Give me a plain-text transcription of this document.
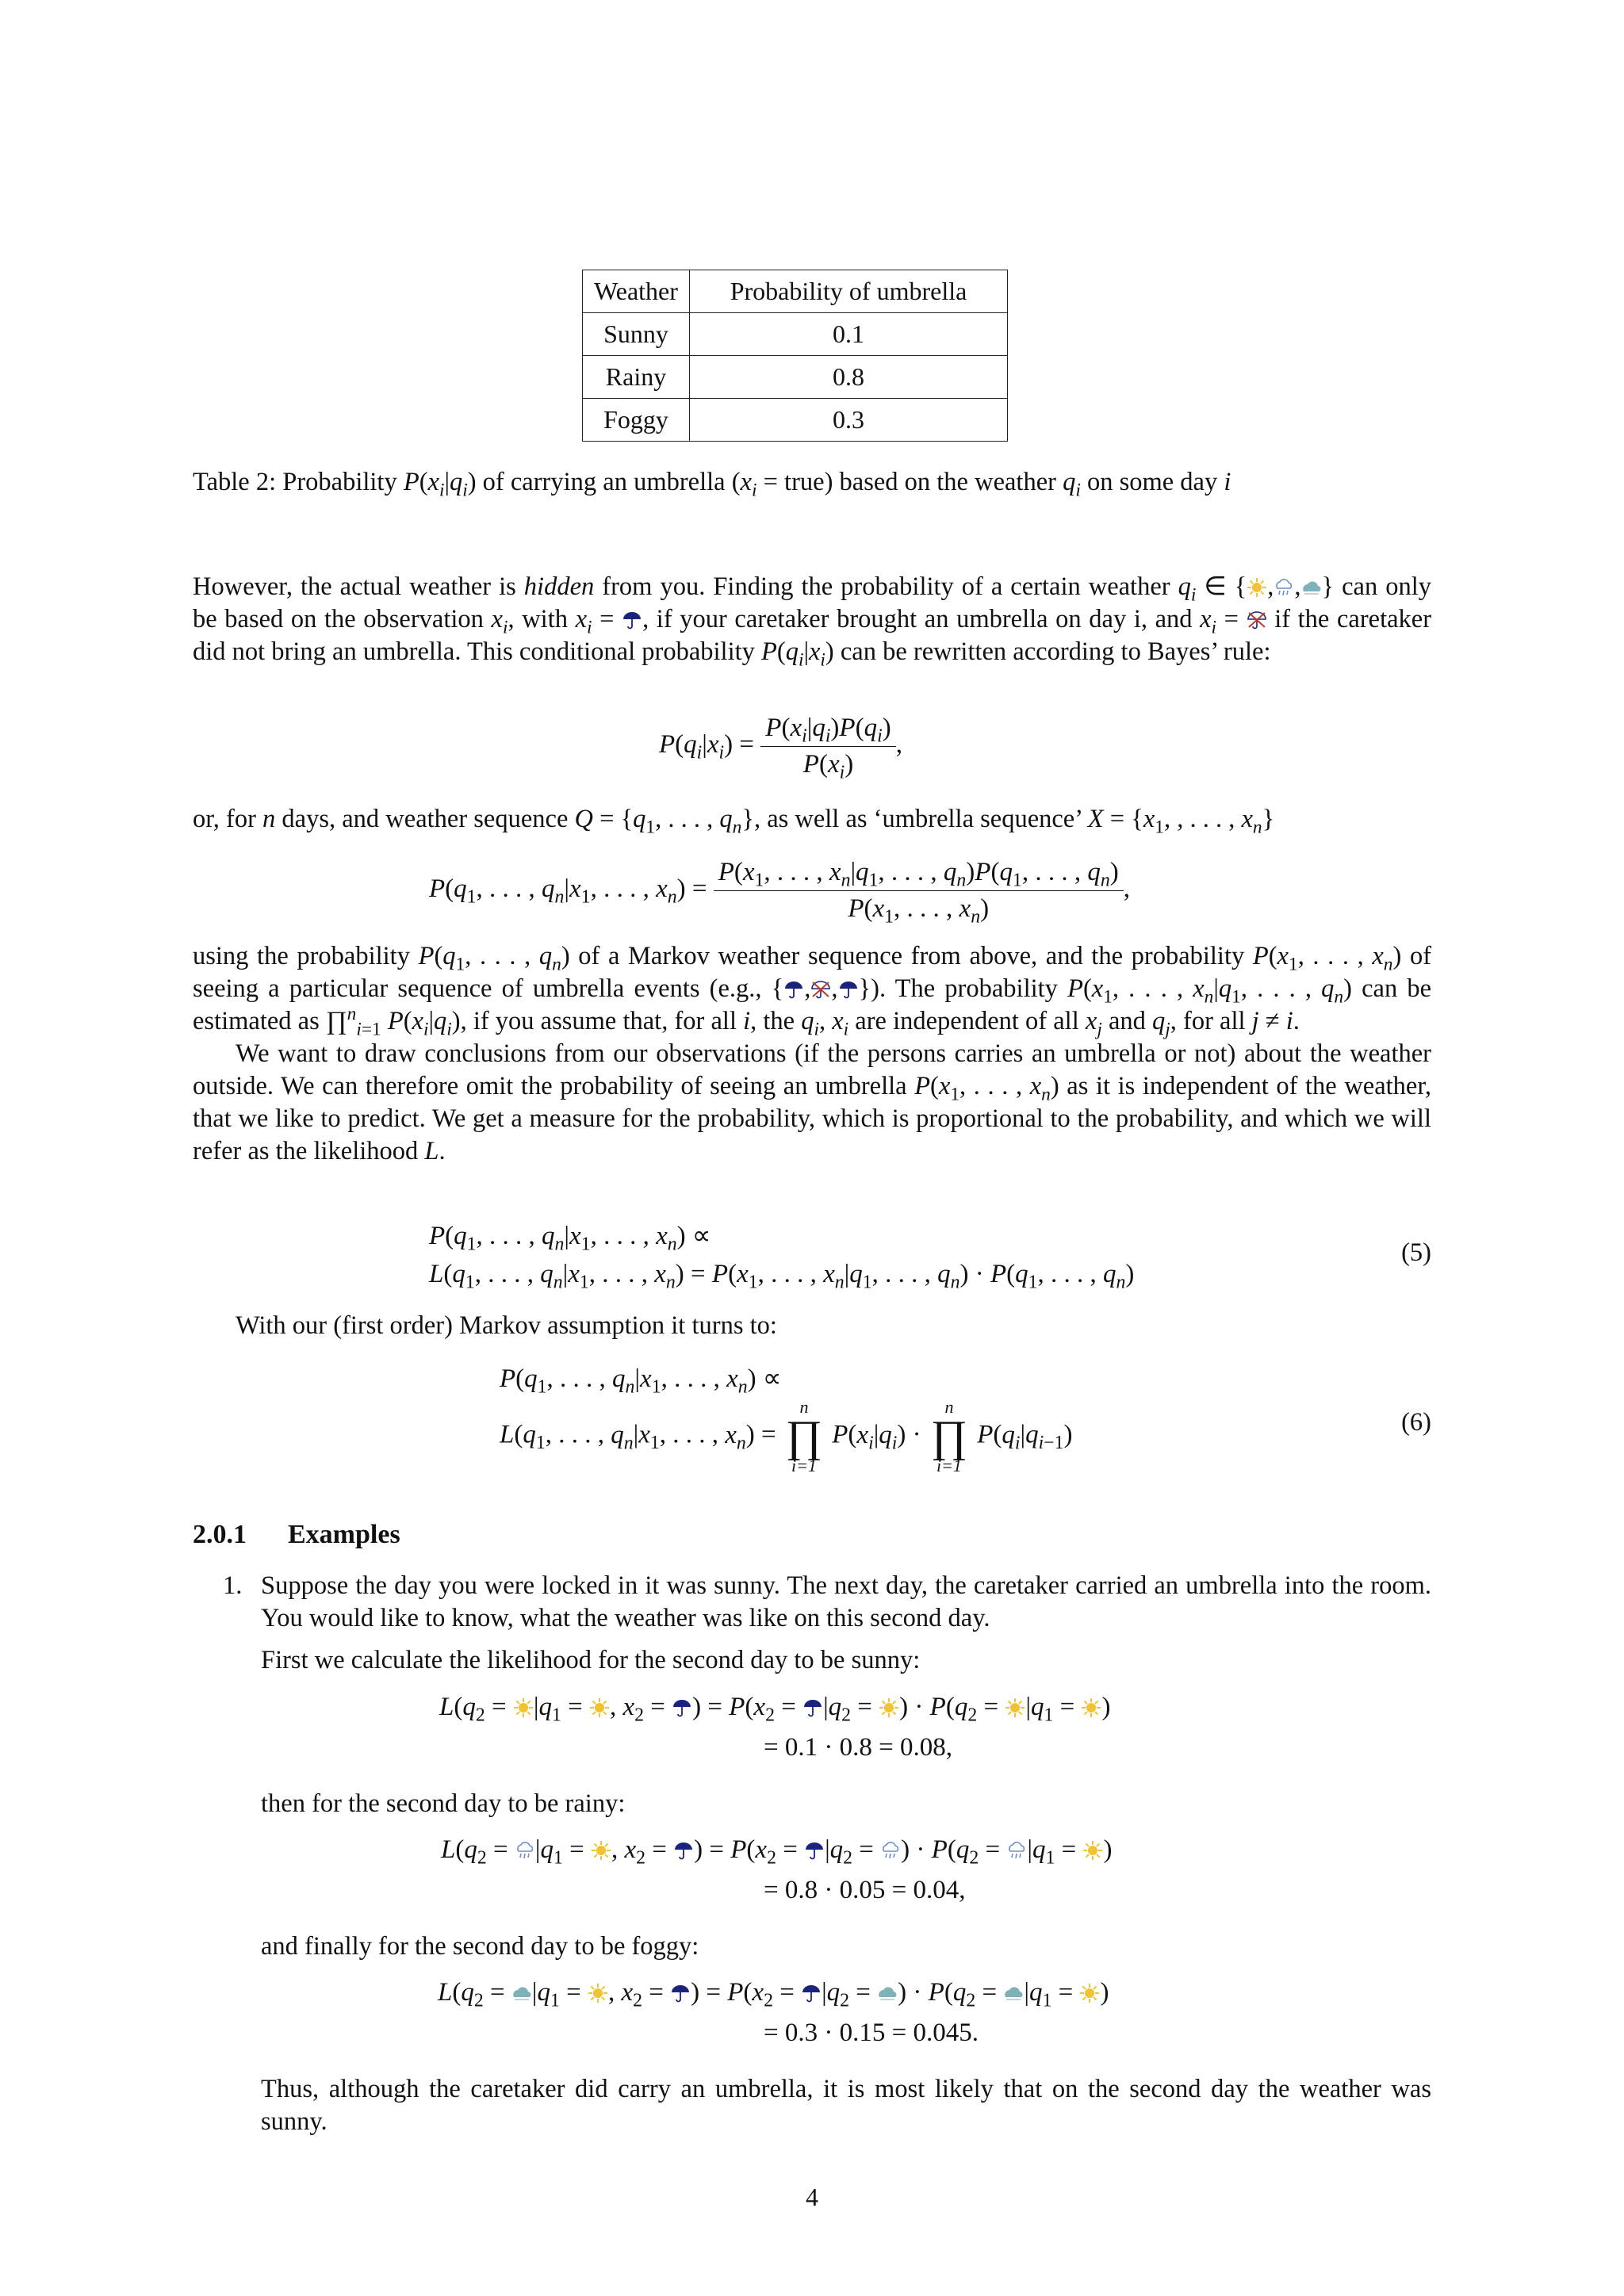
Weather	Probability of umbrella
Sunny	0.1
Rainy	0.8
Foggy	0.3
Table 2: Probability $P(x_i|q_i)$ of carrying an umbrella ($x_i$ = true) based on the weather $q_i$ on some day i

However, the actual weather is hidden from you. Finding the probability of a certain weather $q_i$ ∈ { , , } can only be based on the observation $x_i$, with $x_i$ =
, if your caretaker brought an umbrella on day i, and $x_i$ =
if the caretaker did not bring an umbrella. This conditional probability $P(q_i|x_i)$ can be rewritten according to Bayes’ rule:

$P(q_i|x_i) = \frac{P(x_i|q_i)P(q_i)}{P(x_i)}$ ,

or, for n days, and weather sequence $Q = \{q_1$, . . . , $q_n$}, as well as ‘umbrella sequence’ $X = \{x_1$, , . . . , $x_n$}

$P(q_1$, . . . , $q_n|x_1$, . . . , $x_n) = \frac{P(x_1, . . . , x_n|q_1, . . . , q_n)P(q_1, . . . , q_n)}{P(x_1, . . . , x_n)}$ ,

using the probability $P(q_1$, . . . , $q_n$) of a Markov weather sequence from above, and the probability $P(x_1$, . . . , $x_n$) of seeing a particular sequence of umbrella events (e.g., { , , }). The probability $P(x_1$, . . . , $x_n|q_1$, . . . , $q_n$) can be estimated as ∏$^n_{i=1}$ $P(x_i|q_i)$, if you assume that, for all i, the $q_i$, $x_i$ are independent of all $x_j$ and $q_j$, for all j ≠ i.

We want to draw conclusions from our observations (if the persons carries an umbrella or not) about the weather outside. We can therefore omit the probability of seeing an umbrella $P(x_1$, . . . , $x_n$) as it is independent of the weather, that we like to predict. We get a measure for the probability, which is proportional to the probability, and which we will refer as the likelihood L.

$P(q_1$, . . . , $q_n|x_1$, . . . , $x_n$) ∝
$L(q_1$, . . . , $q_n|x_1$, . . . , $x_n) = P(x_1$, . . . , $x_n|q_1$, . . . , $q_n) \cdot P(q_1$, . . . , $q_n$)
(5)

With our (first order) Markov assumption it turns to:

$P(q_1$, . . . , $q_n|x_1$, . . . , $x_n$) ∝
$L(q_1$, . . . , $q_n|x_1$, . . . , $x_n$) =
n
∏
i=1
$P(x_i|q_i)$ ·
n
∏
i=1
$P(q_i|q_{i-1})$	(6)
2.0.1 Examples
1. Suppose the day you were locked in it was sunny. The next day, the caretaker carried an umbrella into the room. You would like to know, what the weather was like on this second day.

First we calculate the likelihood for the second day to be sunny:

$L(q_2$ =
$|q_1$ =
, $x_2$ =
) = $P(x_2$ =
$|q_2$ =
) · $P(q_2$ =
$|q_1$ =
)
= 0.1 · 0.8 = 0.08,

then for the second day to be rainy:

$L(q_2$ =
$|q_1$ =
, $x_2$ =
) = $P(x_2$ =
$|q_2$ =
) · $P(q_2$ =
$|q_1$ =
)
= 0.8 · 0.05 = 0.04,

and finally for the second day to be foggy:

$L(q_2$ =
$|q_1$ =
, $x_2$ =
) = $P(x_2$ =
$|q_2$ =
) · $P(q_2$ =
$|q_1$ =
)
= 0.3 · 0.15 = 0.045.

Thus, although the caretaker did carry an umbrella, it is most likely that on the second day the weather was sunny.

4
